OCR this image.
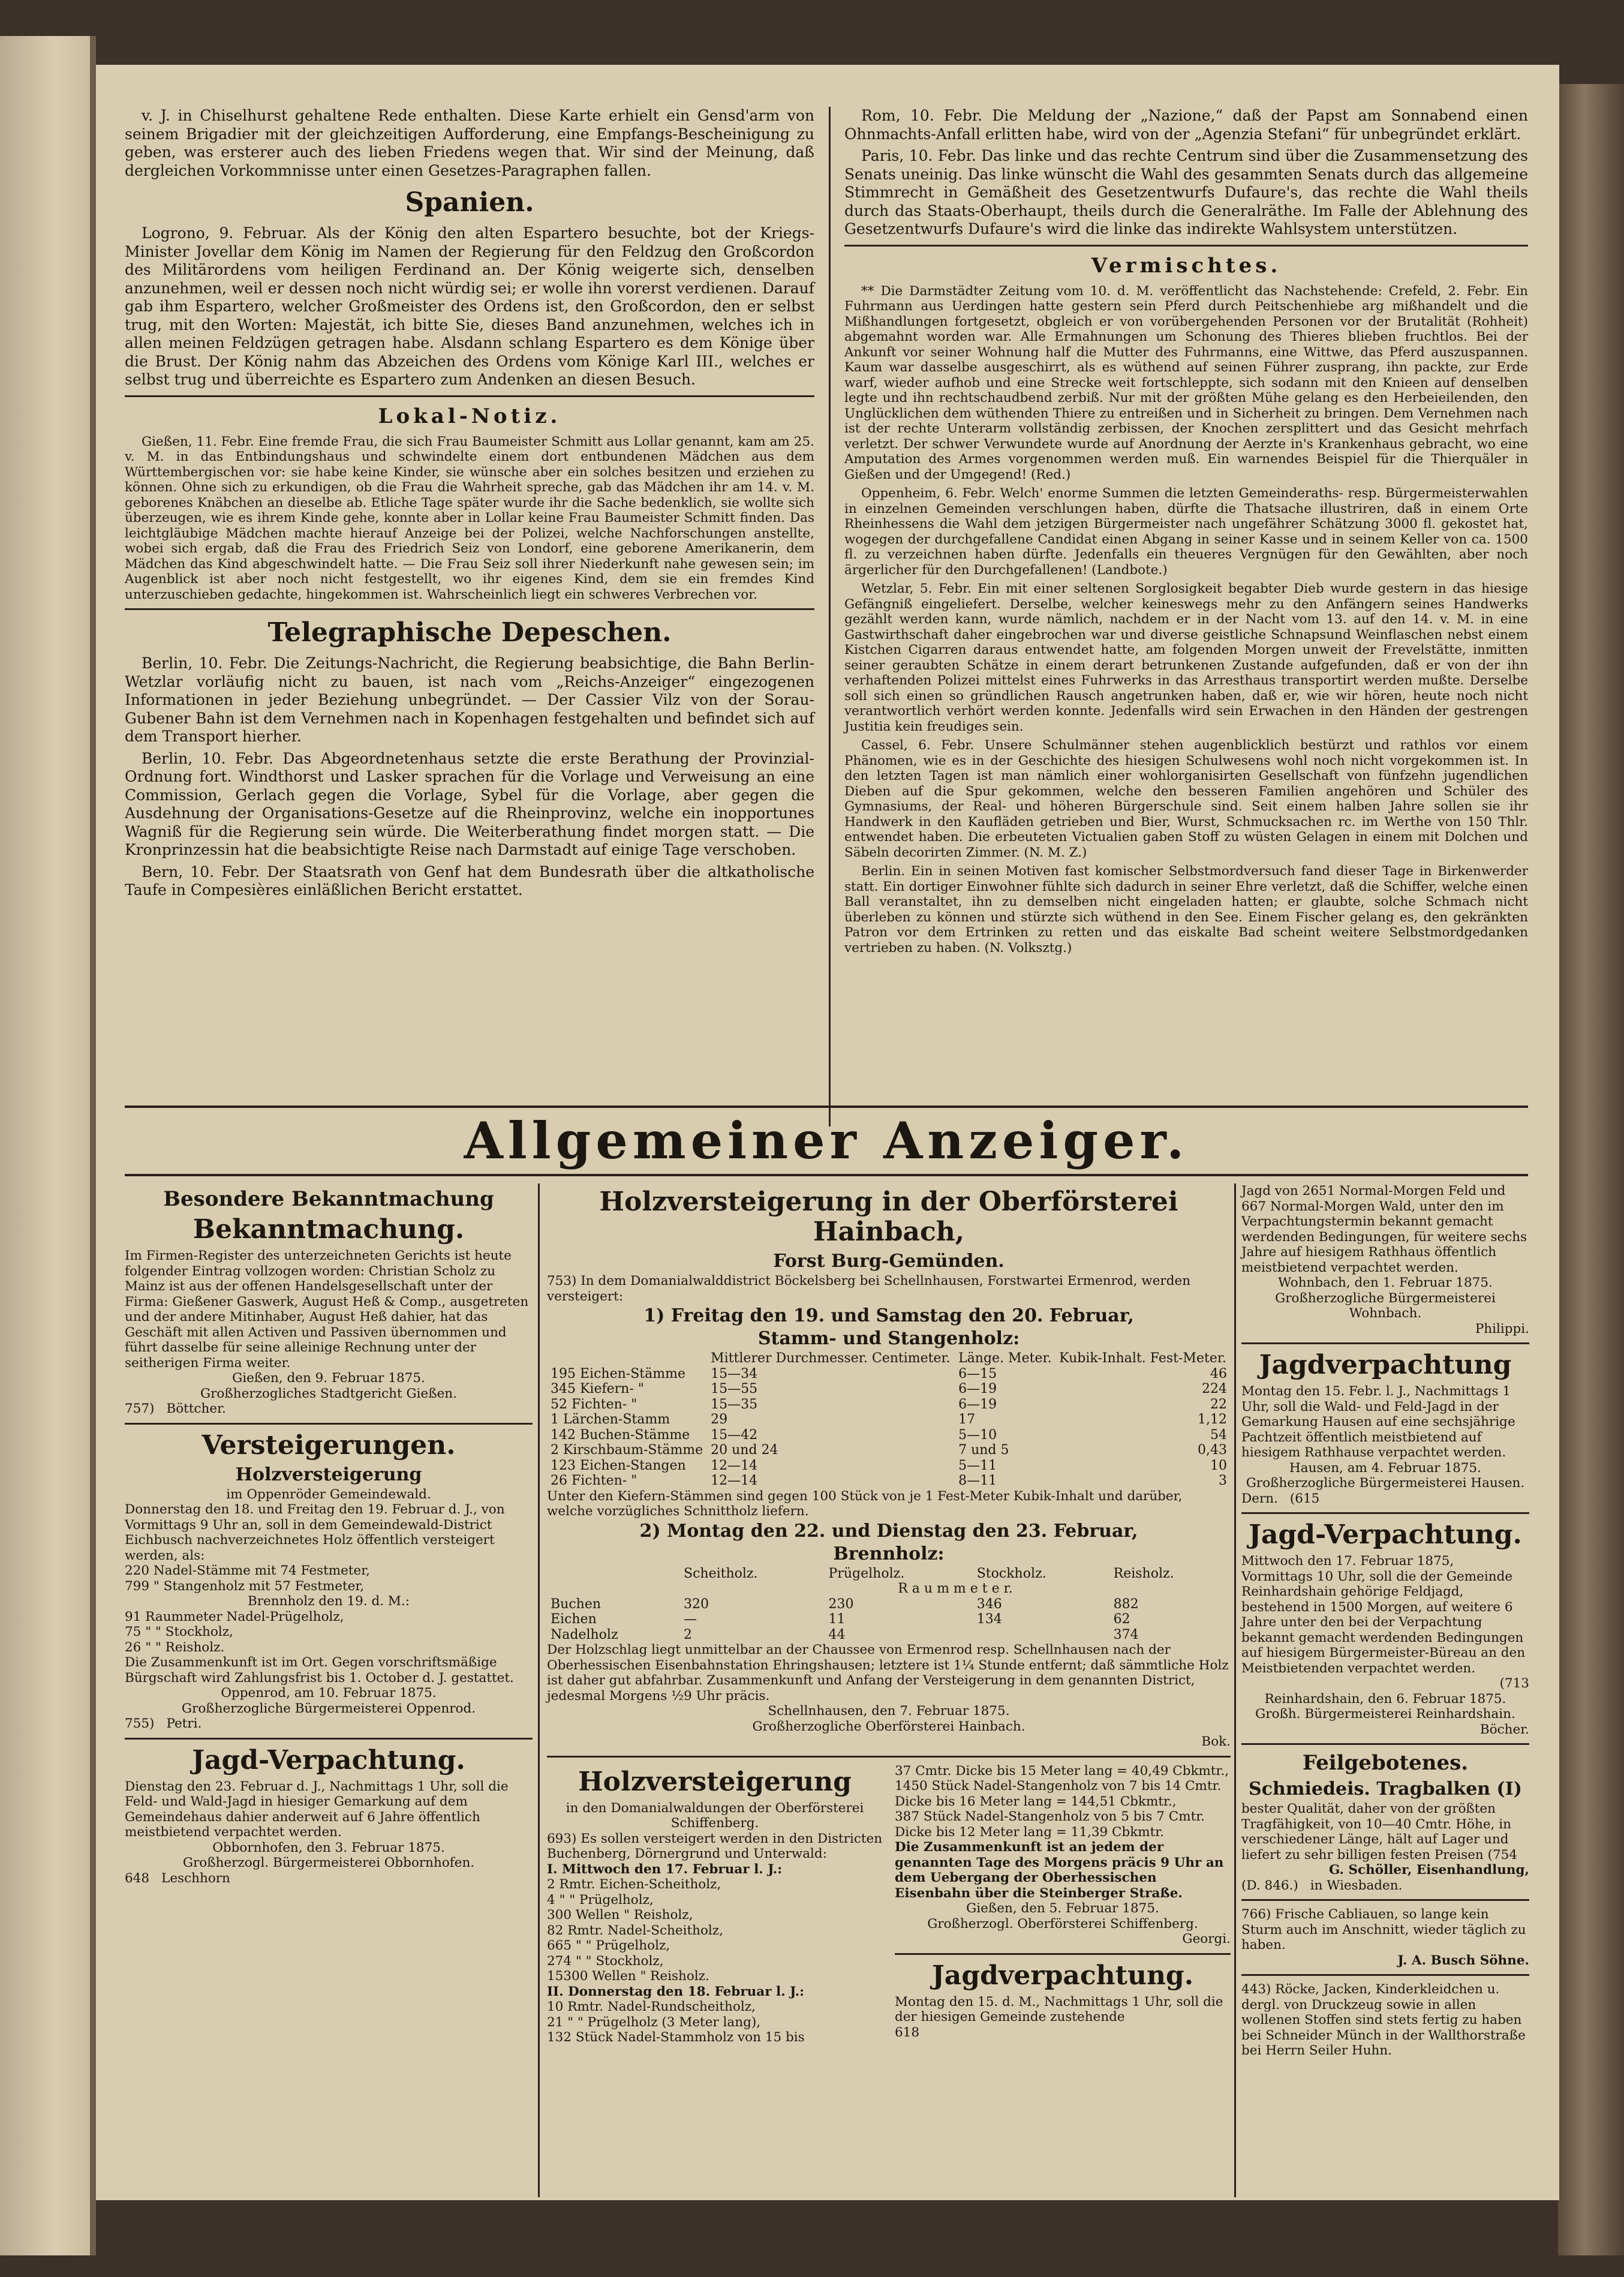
v. J. in Chiselhurst gehaltene Rede enthalten. Diese Karte erhielt ein Gensd'arm von seinem Brigadier mit der gleichzeitigen Aufforderung, eine Empfangs-Bescheinigung zu geben, was ersterer auch des lieben Friedens wegen that. Wir sind der Meinung, daß dergleichen Vorkommnisse unter einen Gesetzes-Paragraphen fallen.

Spanien.

Logrono, 9. Februar. Als der König den alten Espartero besuchte, bot der Kriegs-Minister Jovellar dem König im Namen der Regierung für den Feldzug den Großcordon des Militärordens vom heiligen Ferdinand an. Der König weigerte sich, denselben anzunehmen, weil er dessen noch nicht würdig sei; er wolle ihn vorerst verdienen. Darauf gab ihm Espartero, welcher Großmeister des Ordens ist, den Großcordon, den er selbst trug, mit den Worten: Majestät, ich bitte Sie, dieses Band anzunehmen, welches ich in allen meinen Feldzügen getragen habe. Alsdann schlang Espartero es dem Könige über die Brust. Der König nahm das Abzeichen des Ordens vom Könige Karl III., welches er selbst trug und überreichte es Espartero zum Andenken an diesen Besuch.

Lokal-Notiz.

Gießen, 11. Febr. Eine fremde Frau, die sich Frau Baumeister Schmitt aus Lollar genannt, kam am 25. v. M. in das Entbindungshaus und schwindelte einem dort entbundenen Mädchen aus dem Württembergischen vor: sie habe keine Kinder, sie wünsche aber ein solches besitzen und erziehen zu können. Ohne sich zu erkundigen, ob die Frau die Wahrheit spreche, gab das Mädchen ihr am 14. v. M. geborenes Knäbchen an dieselbe ab. Etliche Tage später wurde ihr die Sache bedenklich, sie wollte sich überzeugen, wie es ihrem Kinde gehe, konnte aber in Lollar keine Frau Baumeister Schmitt finden. Das leichtgläubige Mädchen machte hierauf Anzeige bei der Polizei, welche Nachforschungen anstellte, wobei sich ergab, daß die Frau des Friedrich Seiz von Londorf, eine geborene Amerikanerin, dem Mädchen das Kind abgeschwindelt hatte. — Die Frau Seiz soll ihrer Niederkunft nahe gewesen sein; im Augenblick ist aber noch nicht festgestellt, wo ihr eigenes Kind, dem sie ein fremdes Kind unterzuschieben gedachte, hingekommen ist. Wahrscheinlich liegt ein schweres Verbrechen vor.

Telegraphische Depeschen.

Berlin, 10. Febr. Die Zeitungs-Nachricht, die Regierung beabsichtige, die Bahn Berlin-Wetzlar vorläufig nicht zu bauen, ist nach vom „Reichs-Anzeiger“ eingezogenen Informationen in jeder Beziehung unbegründet. — Der Cassier Vilz von der Sorau-Gubener Bahn ist dem Vernehmen nach in Kopenhagen festgehalten und befindet sich auf dem Transport hierher.

Berlin, 10. Febr. Das Abgeordnetenhaus setzte die erste Berathung der Provinzial-Ordnung fort. Windthorst und Lasker sprachen für die Vorlage und Verweisung an eine Commission, Gerlach gegen die Vorlage, Sybel für die Vorlage, aber gegen die Ausdehnung der Organisations-Gesetze auf die Rheinprovinz, welche ein inopportunes Wagniß für die Regierung sein würde. Die Weiterberathung findet morgen statt. — Die Kronprinzessin hat die beabsichtigte Reise nach Darmstadt auf einige Tage verschoben.

Bern, 10. Febr. Der Staatsrath von Genf hat dem Bundesrath über die altkatholische Taufe in Compesières einläßlichen Bericht erstattet.

Rom, 10. Febr. Die Meldung der „Nazione,“ daß der Papst am Sonnabend einen Ohnmachts-Anfall erlitten habe, wird von der „Agenzia Stefani“ für unbegründet erklärt.

Paris, 10. Febr. Das linke und das rechte Centrum sind über die Zusammensetzung des Senats uneinig. Das linke wünscht die Wahl des gesammten Senats durch das allgemeine Stimmrecht in Gemäßheit des Gesetzentwurfs Dufaure's, das rechte die Wahl theils durch das Staats-Oberhaupt, theils durch die Generalräthe. Im Falle der Ablehnung des Gesetzentwurfs Dufaure's wird die linke das indirekte Wahlsystem unterstützen.

Vermischtes.

** Die Darmstädter Zeitung vom 10. d. M. veröffentlicht das Nachstehende: Crefeld, 2. Febr. Ein Fuhrmann aus Uerdingen hatte gestern sein Pferd durch Peitschenhiebe arg mißhandelt und die Mißhandlungen fortgesetzt, obgleich er von vorübergehenden Personen vor der Brutalität (Rohheit) abgemahnt worden war. Alle Ermahnungen um Schonung des Thieres blieben fruchtlos. Bei der Ankunft vor seiner Wohnung half die Mutter des Fuhrmanns, eine Wittwe, das Pferd auszuspannen. Kaum war dasselbe ausgeschirrt, als es wüthend auf seinen Führer zusprang, ihn packte, zur Erde warf, wieder aufhob und eine Strecke weit fortschleppte, sich sodann mit den Knieen auf denselben legte und ihn rechtschaudbend zerbiß. Nur mit der größten Mühe gelang es den Herbeieilenden, den Unglücklichen dem wüthenden Thiere zu entreißen und in Sicherheit zu bringen. Dem Vernehmen nach ist der rechte Unterarm vollständig zerbissen, der Knochen zersplittert und das Gesicht mehrfach verletzt. Der schwer Verwundete wurde auf Anordnung der Aerzte in's Krankenhaus gebracht, wo eine Amputation des Armes vorgenommen werden muß. Ein warnendes Beispiel für die Thierquäler in Gießen und der Umgegend! (Red.)

Oppenheim, 6. Febr. Welch' enorme Summen die letzten Gemeinderaths- resp. Bürgermeisterwahlen in einzelnen Gemeinden verschlungen haben, dürfte die Thatsache illustriren, daß in einem Orte Rheinhessens die Wahl dem jetzigen Bürgermeister nach ungefährer Schätzung 3000 fl. gekostet hat, wogegen der durchgefallene Candidat einen Abgang in seiner Kasse und in seinem Keller von ca. 1500 fl. zu verzeichnen haben dürfte. Jedenfalls ein theueres Vergnügen für den Gewählten, aber noch ärgerlicher für den Durchgefallenen! (Landbote.)

Wetzlar, 5. Febr. Ein mit einer seltenen Sorglosigkeit begabter Dieb wurde gestern in das hiesige Gefängniß eingeliefert. Derselbe, welcher keineswegs mehr zu den Anfängern seines Handwerks gezählt werden kann, wurde nämlich, nachdem er in der Nacht vom 13. auf den 14. v. M. in eine Gastwirthschaft daher eingebrochen war und diverse geistliche Schnapsund Weinflaschen nebst einem Kistchen Cigarren daraus entwendet hatte, am folgenden Morgen unweit der Frevelstätte, inmitten seiner geraubten Schätze in einem derart betrunkenen Zustande aufgefunden, daß er von der ihn verhaftenden Polizei mittelst eines Fuhrwerks in das Arresthaus transportirt werden mußte. Derselbe soll sich einen so gründlichen Rausch angetrunken haben, daß er, wie wir hören, heute noch nicht verantwortlich verhört werden konnte. Jedenfalls wird sein Erwachen in den Händen der gestrengen Justitia kein freudiges sein.

Cassel, 6. Febr. Unsere Schulmänner stehen augenblicklich bestürzt und rathlos vor einem Phänomen, wie es in der Geschichte des hiesigen Schulwesens wohl noch nicht vorgekommen ist. In den letzten Tagen ist man nämlich einer wohlorganisirten Gesellschaft von fünfzehn jugendlichen Dieben auf die Spur gekommen, welche den besseren Familien angehören und Schüler des Gymnasiums, der Real- und höheren Bürgerschule sind. Seit einem halben Jahre sollen sie ihr Handwerk in den Kaufläden getrieben und Bier, Wurst, Schmucksachen rc. im Werthe von 150 Thlr. entwendet haben. Die erbeuteten Victualien gaben Stoff zu wüsten Gelagen in einem mit Dolchen und Säbeln decorirten Zimmer. (N. M. Z.)

Berlin. Ein in seinen Motiven fast komischer Selbstmordversuch fand dieser Tage in Birkenwerder statt. Ein dortiger Einwohner fühlte sich dadurch in seiner Ehre verletzt, daß die Schiffer, welche einen Ball veranstaltet, ihn zu demselben nicht eingeladen hatten; er glaubte, solche Schmach nicht überleben zu können und stürzte sich wüthend in den See. Einem Fischer gelang es, den gekränkten Patron vor dem Ertrinken zu retten und das eiskalte Bad scheint weitere Selbstmordgedanken vertrieben zu haben. (N. Volksztg.)

Allgemeiner Anzeiger.
Besondere Bekanntmachung
Bekanntmachung.

Im Firmen-Register des unterzeichneten Gerichts ist heute folgender Eintrag vollzogen worden: Christian Scholz zu Mainz ist aus der offenen Handelsgesellschaft unter der Firma: Gießener Gaswerk, August Heß & Comp., ausgetreten und der andere Mitinhaber, August Heß dahier, hat das Geschäft mit allen Activen und Passiven übernommen und führt dasselbe für seine alleinige Rechnung unter der seitherigen Firma weiter.

Gießen, den 9. Februar 1875.

Großherzogliches Stadtgericht Gießen.

757) Böttcher.
Versteigerungen.
Holzversteigerung

im Oppenröder Gemeindewald.

Donnerstag den 18. und Freitag den 19. Februar d. J., von Vormittags 9 Uhr an, soll in dem Gemeindewald-District Eichbusch nachverzeichnetes Holz öffentlich versteigert werden, als:

220 Nadel-Stämme mit 74 Festmeter,

799 " Stangenholz mit 57 Festmeter,

Brennholz den 19. d. M.:

91 Raummeter Nadel-Prügelholz,

75 " " Stockholz,

26 " " Reisholz.

Die Zusammenkunft ist im Ort. Gegen vorschriftsmäßige Bürgschaft wird Zahlungsfrist bis 1. October d. J. gestattet.

Oppenrod, am 10. Februar 1875.

Großherzogliche Bürgermeisterei Oppenrod.

755) Petri.
Jagd-Verpachtung.

Dienstag den 23. Februar d. J., Nachmittags 1 Uhr, soll die Feld- und Wald-Jagd in hiesiger Gemarkung auf dem Gemeindehaus dahier anderweit auf 6 Jahre öffentlich meistbietend verpachtet werden.

Obbornhofen, den 3. Februar 1875.

Großherzogl. Bürgermeisterei Obbornhofen.

648 Leschhorn
Holzversteigerung in der Oberförsterei Hainbach,
Forst Burg-Gemünden.

753) In dem Domanialwalddistrict Böckelsberg bei Schellnhausen, Forstwartei Ermenrod, werden versteigert:

1) Freitag den 19. und Samstag den 20. Februar,
Stamm- und Stangenholz:
	Mittlerer Durchmesser. Centimeter.	Länge. Meter.	Kubik-Inhalt. Fest-Meter.
195 Eichen-Stämme	15—34	6—15	46
345 Kiefern- "	15—55	6—19	224
52 Fichten- "	15—35	6—19	22
1 Lärchen-Stamm	29	17	1,12
142 Buchen-Stämme	15—42	5—10	54
2 Kirschbaum-Stämme	20 und 24	7 und 5	0,43
123 Eichen-Stangen	12—14	5—11	10
26 Fichten- "	12—14	8—11	3

Unter den Kiefern-Stämmen sind gegen 100 Stück von je 1 Fest-Meter Kubik-Inhalt und darüber, welche vorzügliches Schnittholz liefern.

2) Montag den 22. und Dienstag den 23. Februar,
Brennholz:
	Scheitholz.	Prügelholz.	Stockholz.	Reisholz.
	R a u m m e t e r.			
Buchen	320	230	346	882
Eichen	—	11	134	62
Nadelholz	2	44		374

Der Holzschlag liegt unmittelbar an der Chaussee von Ermenrod resp. Schellnhausen nach der Oberhessischen Eisenbahnstation Ehringshausen; letztere ist 1¼ Stunde entfernt; daß sämmtliche Holz ist daher gut abfahrbar. Zusammenkunft und Anfang der Versteigerung in dem genannten District, jedesmal Morgens ½9 Uhr präcis.

Schellnhausen, den 7. Februar 1875.

Großherzogliche Oberförsterei Hainbach.

Bok.

Holzversteigerung

in den Domanialwaldungen der Oberförsterei Schiffenberg.

693) Es sollen versteigert werden in den Districten Buchenberg, Dörnergrund und Unterwald:

I. Mittwoch den 17. Februar l. J.:

2 Rmtr. Eichen-Scheitholz,

4 " " Prügelholz,

300 Wellen " Reisholz,

82 Rmtr. Nadel-Scheitholz,

665 " " Prügelholz,

274 " " Stockholz,

15300 Wellen " Reisholz.

II. Donnerstag den 18. Februar l. J.:

10 Rmtr. Nadel-Rundscheitholz,

21 " " Prügelholz (3 Meter lang),

132 Stück Nadel-Stammholz von 15 bis

37 Cmtr. Dicke bis 15 Meter lang = 40,49 Cbkmtr.,

1450 Stück Nadel-Stangenholz von 7 bis 14 Cmtr. Dicke bis 16 Meter lang = 144,51 Cbkmtr.,

387 Stück Nadel-Stangenholz von 5 bis 7 Cmtr. Dicke bis 12 Meter lang = 11,39 Cbkmtr.

Die Zusammenkunft ist an jedem der genannten Tage des Morgens präcis 9 Uhr an dem Uebergang der Oberhessischen Eisenbahn über die Steinberger Straße.

Gießen, den 5. Februar 1875.

Großherzogl. Oberförsterei Schiffenberg.

Georgi.

Jagdverpachtung.

Montag den 15. d. M., Nachmittags 1 Uhr, soll die der hiesigen Gemeinde zustehende

618

Jagd von 2651 Normal-Morgen Feld und 667 Normal-Morgen Wald, unter den im Verpachtungstermin bekannt gemacht werdenden Bedingungen, für weitere sechs Jahre auf hiesigem Rathhaus öffentlich meistbietend verpachtet werden.

Wohnbach, den 1. Februar 1875.

Großherzogliche Bürgermeisterei Wohnbach.

Philippi.

Jagdverpachtung

Montag den 15. Febr. l. J., Nachmittags 1 Uhr, soll die Wald- und Feld-Jagd in der Gemarkung Hausen auf eine sechsjährige Pachtzeit öffentlich meistbietend auf hiesigem Rathhause verpachtet werden.

Hausen, am 4. Februar 1875.

Großherzogliche Bürgermeisterei Hausen.

Dern. (615
Jagd-Verpachtung.

Mittwoch den 17. Februar 1875, Vormittags 10 Uhr, soll die der Gemeinde Reinhardshain gehörige Feldjagd, bestehend in 1500 Morgen, auf weitere 6 Jahre unter den bei der Verpachtung bekannt gemacht werdenden Bedingungen auf hiesigem Bürgermeister-Büreau an den Meistbietenden verpachtet werden.

(713

Reinhardshain, den 6. Februar 1875.

Großh. Bürgermeisterei Reinhardshain.

Böcher.

Feilgebotenes.
Schmiedeis. Tragbalken (I)

bester Qualität, daher von der größten Tragfähigkeit, von 10—40 Cmtr. Höhe, in verschiedener Länge, hält auf Lager und liefert zu sehr billigen festen Preisen (754

G. Schöller, Eisenhandlung,

(D. 846.) in Wiesbaden.

766) Frische Cabliauen, so lange kein Sturm auch im Anschnitt, wieder täglich zu haben.

J. A. Busch Söhne.

443) Röcke, Jacken, Kinderkleidchen u. dergl. von Druckzeug sowie in allen wollenen Stoffen sind stets fertig zu haben bei Schneider Münch in der Wallthorstraße bei Herrn Seiler Huhn.
